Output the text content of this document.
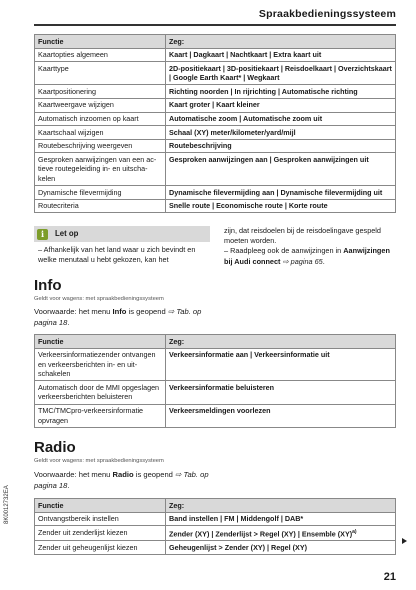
Spraakbedieningssysteem
Functie	Zeg:
Kaartopties algemeen	Kaart | Dagkaart | Nachtkaart | Extra kaart uit
Kaarttype	2D-positiekaart | 3D-positiekaart | Reisdoelkaart | Overzichtskaart | Google Earth Kaart* | Wegkaart
Kaartpositionering	Richting noorden | In rijrichting | Automatische richting
Kaartweergave wijzigen	Kaart groter | Kaart kleiner
Automatisch inzoomen op kaart	Automatische zoom | Automatische zoom uit
Kaartschaal wijzigen	Schaal (XY) meter/kilometer/yard/mijl
Routebeschrijving weergeven	Routebeschrijving
Gesproken aanwijzingen van een actieve routegeleiding in- en uitschakelen	Gesproken aanwijzingen aan | Gesproken aanwijzingen uit
Dynamische filevermijding	Dynamische filevermijding aan | Dynamische filevermijding uit
Routecriteria	Snelle route | Economische route | Korte route
i	Let op
– Afhankelijk van het land waar u zich bevindt en welke menutaal u hebt gekozen, kan het
zijn, dat reisdoelen bij de reisdoelingave gespeld moeten worden.
– Raadpleeg ook de aanwijzingen in Aanwijzingen bij Audi connect ⇨ pagina 65.
Info
Geldt voor wagens: met spraakbedieningssysteem
Voorwaarde: het menu Info is geopend ⇨ Tab. op pagina 18.
Functie	Zeg:
Verkeersinformatiezender ontvangen en verkeersberichten in- en uitschakelen	Verkeersinformatie aan | Verkeersinformatie uit
Automatisch door de MMI opgeslagen verkeersberichten beluisteren	Verkeersinformatie beluisteren
TMC/TMCpro-verkeersinformatie opvragen	Verkeersmeldingen voorlezen
Radio
Geldt voor wagens: met spraakbedieningssysteem
Voorwaarde: het menu Radio is geopend ⇨ Tab. op pagina 18.
Functie	Zeg:
Ontvangstbereik instellen	Band instellen | FM | Middengolf | DAB*
Zender uit zenderlijst kiezen	Zender (XY) | Zenderlijst > Regel (XY) | Ensemble (XY)$^{a)}$
Zender uit geheugenlijst kiezen	Geheugenlijst > Zender (XY) | Regel (XY)
8K0012732EA
21
